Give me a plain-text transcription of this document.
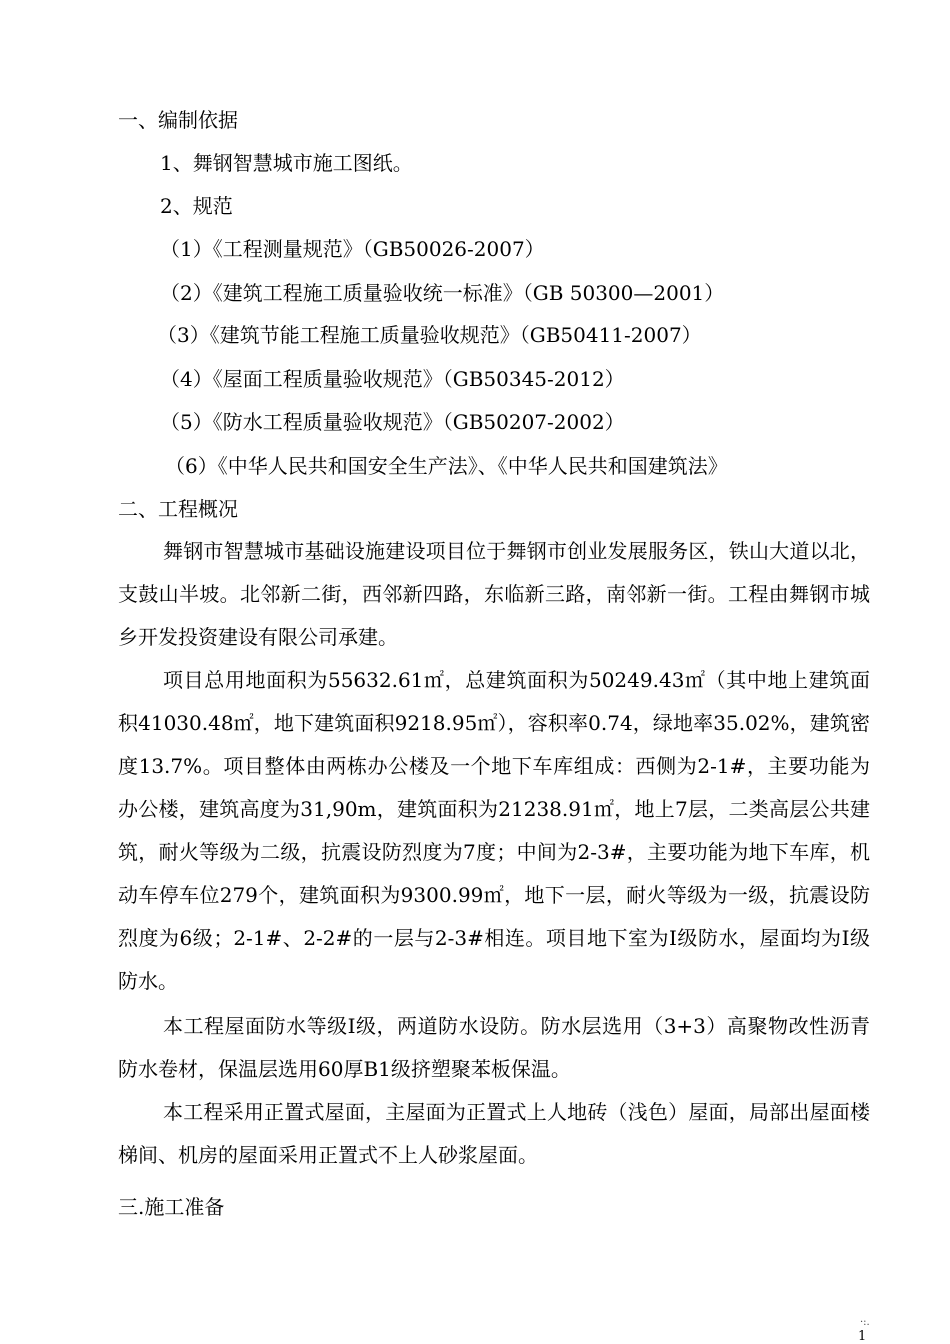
一、编制依据
1、舞钢智慧城市施工图纸。
2、规范
（1）《工程测量规范》（GB50026-2007）
（2）《建筑工程施工质量验收统一标准》（GB 50300—2001）
（3）《建筑节能工程施工质量验收规范》（GB50411-2007）
（4）《屋面工程质量验收规范》（GB50345-2012）
（5）《防水工程质量验收规范》（GB50207-2002）
（6）《中华人民共和国安全生产法》、《中华人民共和国建筑法》
二、工程概况
舞钢市智慧城市基础设施建设项目位于舞钢市创业发展服务区，铁山大道以北，支鼓山半坡。北邻新二街，西邻新四路，东临新三路，南邻新一街。工程由舞钢市城乡开发投资建设有限公司承建。
项目总用地面积为55632.61㎡，总建筑面积为50249.43㎡（其中地上建筑面积41030.48㎡，地下建筑面积9218.95㎡），容积率0.74，绿地率35.02%，建筑密度13.7%。项目整体由两栋办公楼及一个地下车库组成：西侧为2-1#，主要功能为办公楼，建筑高度为31,90m，建筑面积为21238.91㎡，地上7层，二类高层公共建筑，耐火等级为二级，抗震设防烈度为7度；中间为2-3#，主要功能为地下车库，机动车停车位279个，建筑面积为9300.99㎡，地下一层，耐火等级为一级，抗震设防烈度为6级；2-1#、2-2#的一层与2-3#相连。项目地下室为Ⅰ级防水，屋面均为Ⅰ级防水。
本工程屋面防水等级Ⅰ级，两道防水设防。防水层选用（3+3）高聚物改性沥青防水卷材，保温层选用60厚B1级挤塑聚苯板保温。
本工程采用正置式屋面，主屋面为正置式上人地砖（浅色）屋面，局部出屋面楼梯间、机房的屋面采用正置式不上人砂浆屋面。
三.施工准备
·:.
1
